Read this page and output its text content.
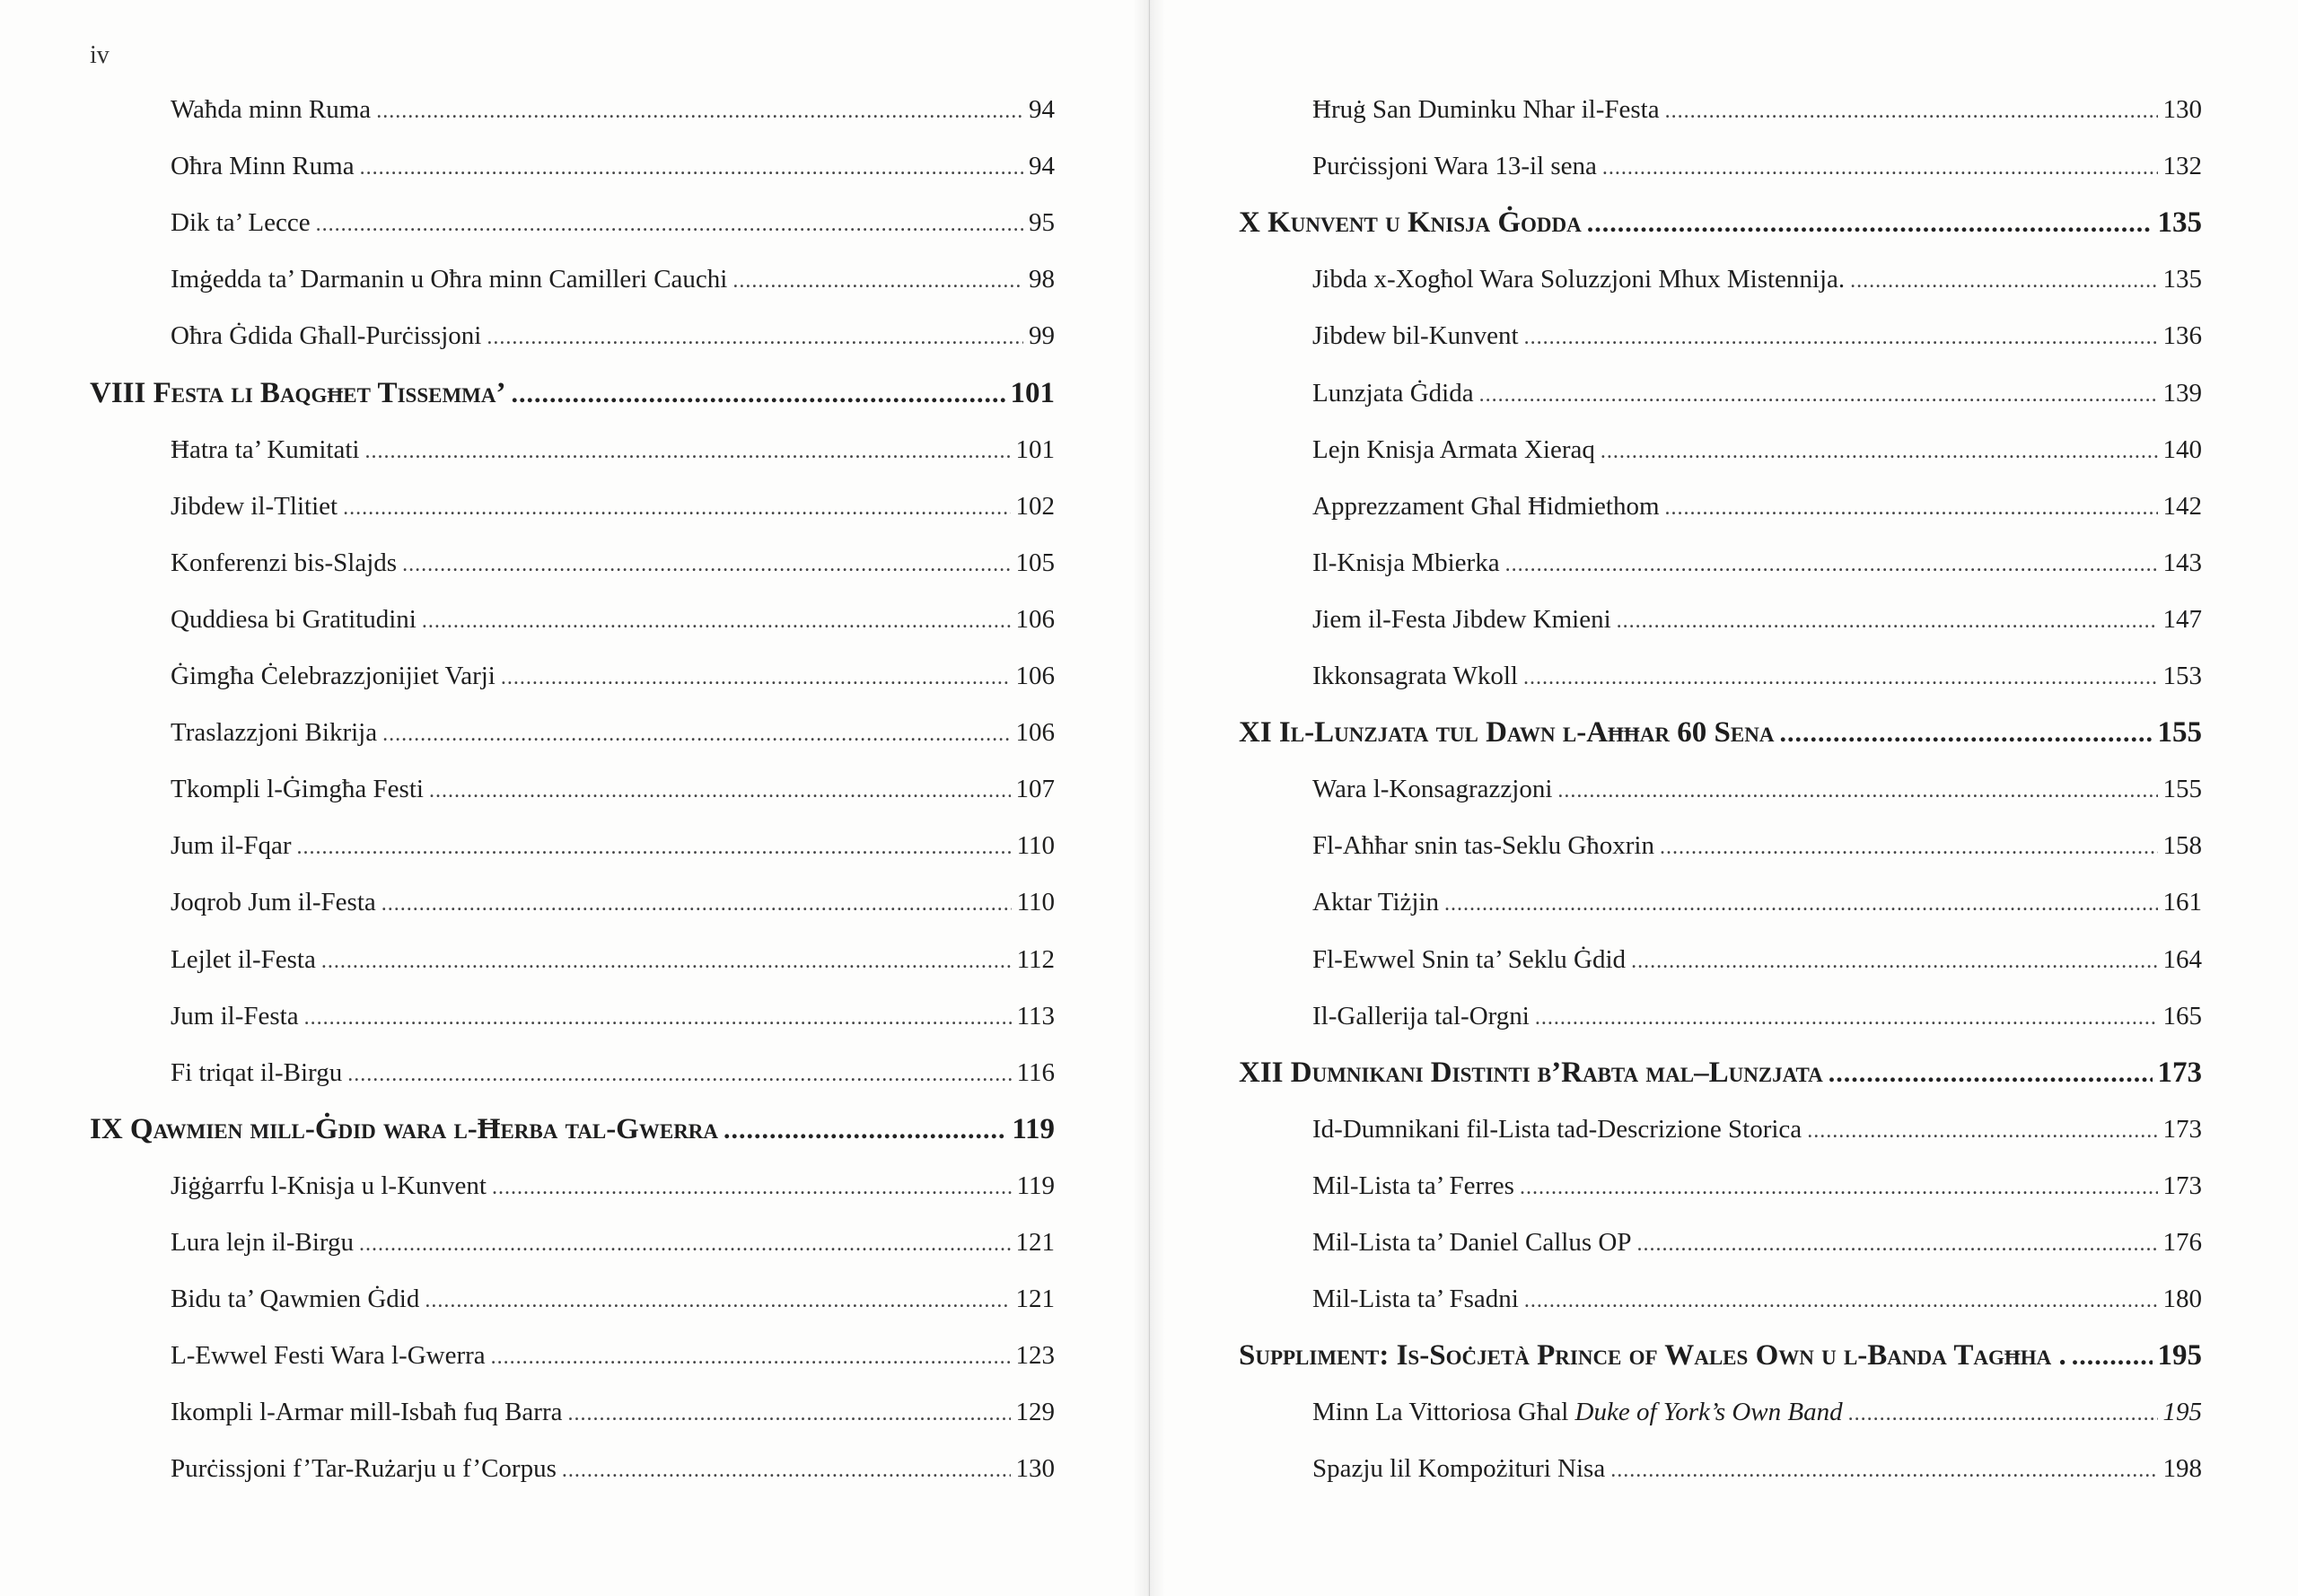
iv
Waħda minn Ruma .....	94
Oħra Minn Ruma .....	94
Dik ta’ Lecce .....	95
Imġedda ta’ Darmanin u Oħra minn Camilleri Cauchi .....	98
Oħra Ġdida Għall-Purċissjoni .....	99
VIII Festa li Baqgħet Tissemma’ .....	101
Ħatra ta’ Kumitati .....	101
Jibdew il-Tlitiet .....	102
Konferenzi bis-Slajds .....	105
Quddiesa bi Gratitudini .....	106
Ġimgħa Ċelebrazzjonijiet Varji .....	106
Traslazzjoni Bikrija .....	106
Tkompli l-Ġimgħa Festi .....	107
Jum il-Fqar .....	110
Joqrob Jum il-Festa .....	110
Lejlet il-Festa .....	112
Jum il-Festa .....	113
Fi triqat il-Birgu .....	116
IX Qawmien mill-Ġdid wara l-Ħerba tal-Gwerra .....	119
Jiġġarrfu l-Knisja u l-Kunvent .....	119
Lura lejn il-Birgu .....	121
Bidu ta’ Qawmien Ġdid .....	121
L-Ewwel Festi Wara l-Gwerra .....	123
Ikompli l-Armar mill-Isbaħ fuq Barra .....	129
Purċissjoni f’Tar-Rużarju u f’Corpus .....	130
Ħruġ San Duminku Nhar il-Festa .....	130
Purċissjoni Wara 13-il sena .....	132
X Kunvent u Knisja Ġodda .....	135
Jibda x-Xogħol Wara Soluzzjoni Mhux Mistennija. .....	135
Jibdew bil-Kunvent .....	136
Lunzjata Ġdida .....	139
Lejn Knisja Armata Xieraq .....	140
Apprezzament Għal Ħidmiethom .....	142
Il-Knisja Mbierka .....	143
Jiem il-Festa Jibdew Kmieni .....	147
Ikkonsagrata Wkoll .....	153
XI Il-Lunzjata tul Dawn l-Aħħar 60 Sena .....	155
Wara l-Konsagrazzjoni .....	155
Fl-Aħħar snin tas-Seklu Għoxrin .....	158
Aktar Tiżjin .....	161
Fl-Ewwel Snin ta’ Seklu Ġdid .....	164
Il-Gallerija tal-Orgni .....	165
XII Dumnikani Distinti b’Rabta mal–Lunzjata .....	173
Id-Dumnikani fil-Lista tad-Descrizione Storica .....	173
Mil-Lista ta’ Ferres .....	173
Mil-Lista ta’ Daniel Callus OP .....	176
Mil-Lista ta’ Fsadni .....	180
Suppliment: Is-Soċjetà Prince of Wales Own u l-Banda Tagħha . .....	195
Minn La Vittoriosa Għal Duke of York’s Own Band .....	195
Spazju lil Kompożituri Nisa .....	198
